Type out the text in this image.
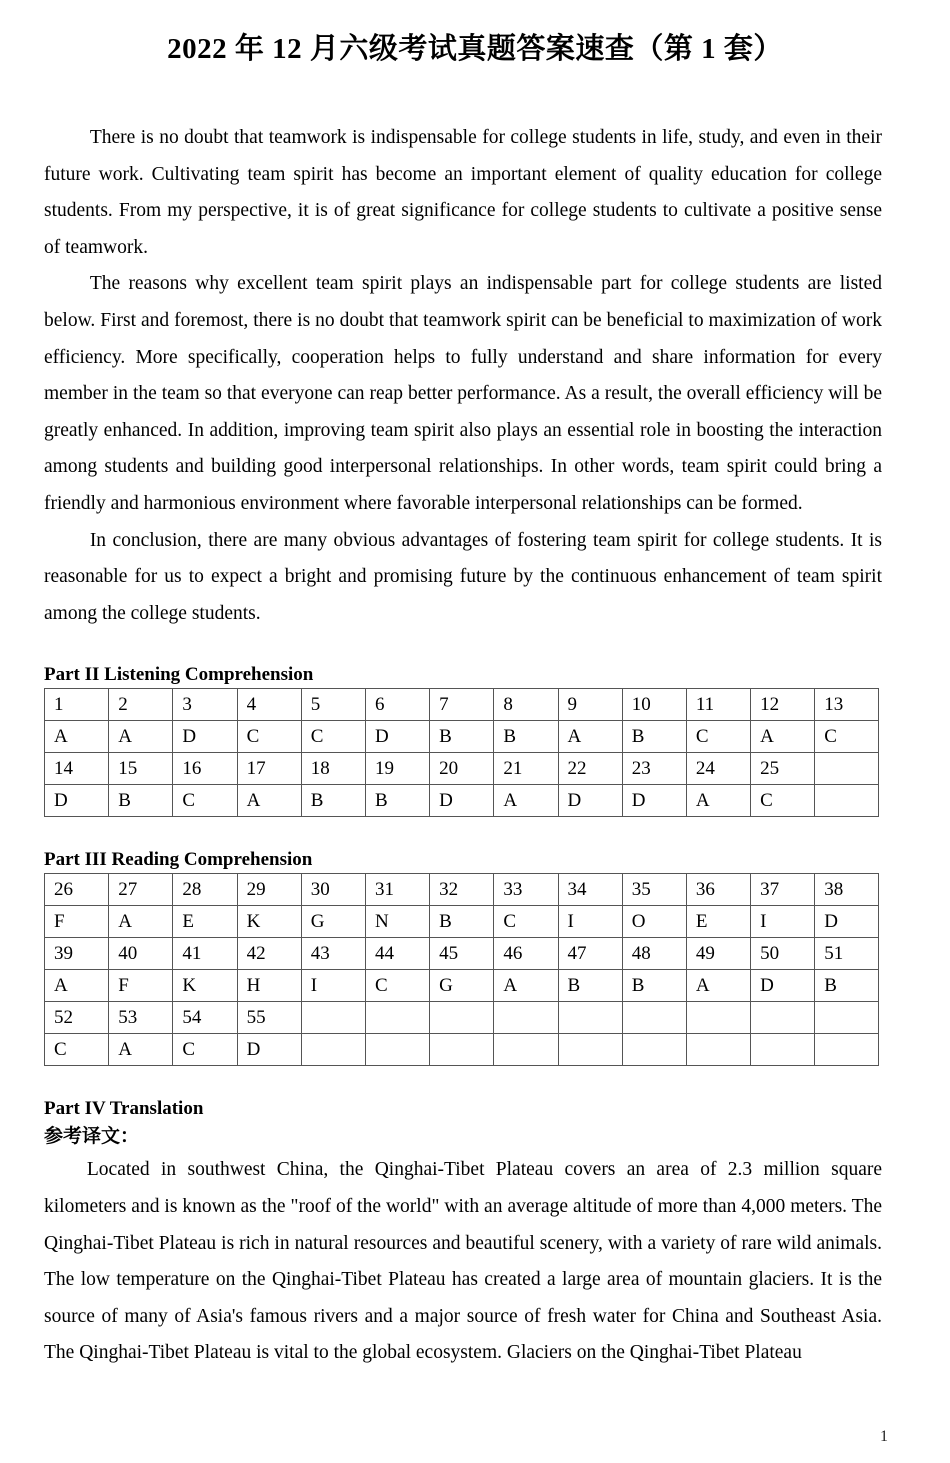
2022 年 12 月六级考试真题答案速查（第 1 套）

There is no doubt that teamwork is indispensable for college students in life, study, and even in their future work. Cultivating team spirit has become an important element of quality education for college students. From my perspective, it is of great significance for college students to cultivate a positive sense of teamwork.

The reasons why excellent team spirit plays an indispensable part for college students are listed below. First and foremost, there is no doubt that teamwork spirit can be beneficial to maximization of work efficiency. More specifically, cooperation helps to fully understand and share information for every member in the team so that everyone can reap better performance. As a result, the overall efficiency will be greatly enhanced. In addition, improving team spirit also plays an essential role in boosting the interaction among students and building good interpersonal relationships. In other words, team spirit could bring a friendly and harmonious environment where favorable interpersonal relationships can be formed.

In conclusion, there are many obvious advantages of fostering team spirit for college students. It is reasonable for us to expect a bright and promising future by the continuous enhancement of team spirit among the college students.

Part II Listening Comprehension
1	2	3	4	5	6	7	8	9	10	11	12	13
A	A	D	C	C	D	B	B	A	B	C	A	C
14	15	16	17	18	19	20	21	22	23	24	25	
D	B	C	A	B	B	D	A	D	D	A	C	
Part III Reading Comprehension
26	27	28	29	30	31	32	33	34	35	36	37	38
F	A	E	K	G	N	B	C	I	O	E	I	D
39	40	41	42	43	44	45	46	47	48	49	50	51
A	F	K	H	I	C	G	A	B	B	A	D	B
52	53	54	55									
C	A	C	D									
Part IV Translation
参考译文：

Located in southwest China, the Qinghai-Tibet Plateau covers an area of 2.3 million square kilometers and is known as the "roof of the world" with an average altitude of more than 4,000 meters. The Qinghai-Tibet Plateau is rich in natural resources and beautiful scenery, with a variety of rare wild animals. The low temperature on the Qinghai-Tibet Plateau has created a large area of mountain glaciers. It is the source of many of Asia's famous rivers and a major source of fresh water for China and Southeast Asia. The Qinghai-Tibet Plateau is vital to the global ecosystem. Glaciers on the Qinghai-Tibet Plateau

1
